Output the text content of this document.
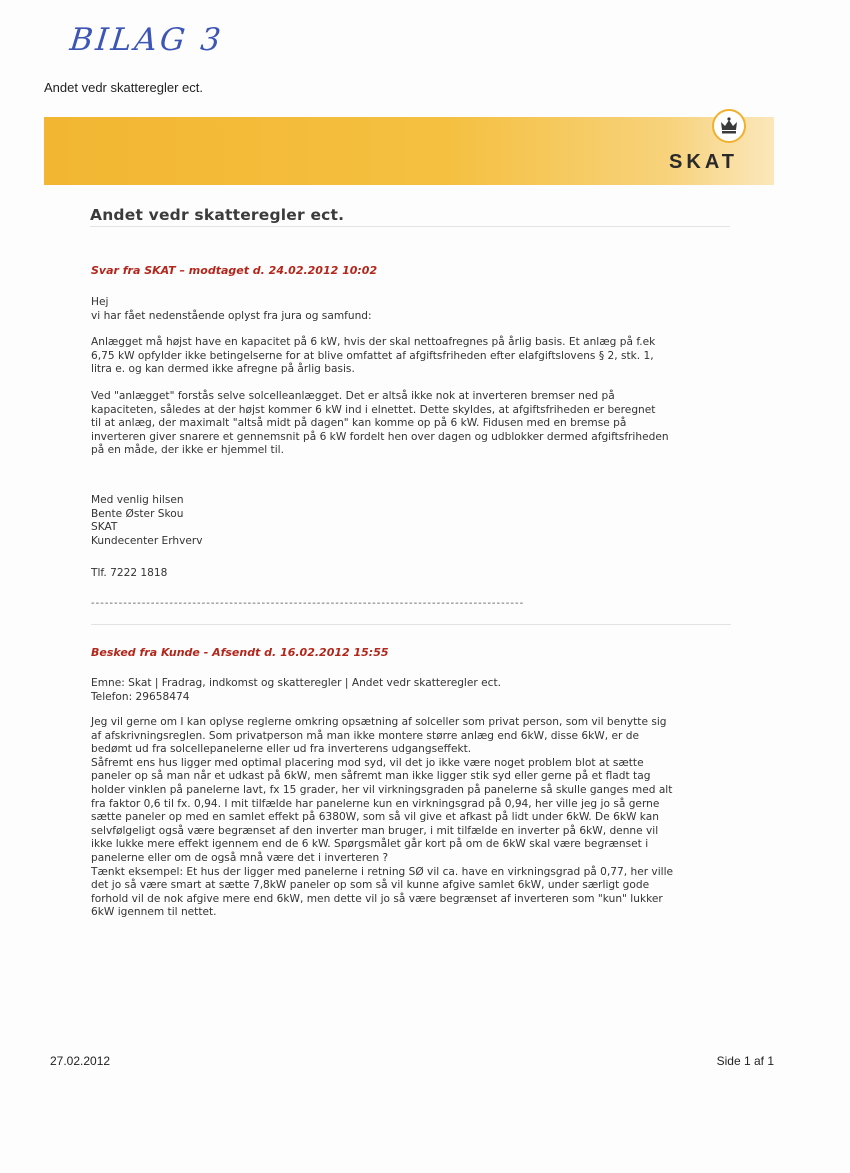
BILAG 3
Andet vedr skatteregler ect.
SKAT
Andet vedr skatteregler ect.
Svar fra SKAT – modtaget d. 24.02.2012 10:02
Hej
vi har fået nedenstående oplyst fra jura og samfund:
Anlægget må højst have en kapacitet på 6 kW, hvis der skal nettoafregnes på årlig basis. Et anlæg på f.ek
6,75 kW opfylder ikke betingelserne for at blive omfattet af afgiftsfriheden efter elafgiftslovens § 2, stk. 1,
litra e. og kan dermed ikke afregne på årlig basis.
Ved "anlægget" forstås selve solcelleanlægget. Det er altså ikke nok at inverteren bremser ned på
kapaciteten, således at der højst kommer 6 kW ind i elnettet. Dette skyldes, at afgiftsfriheden er beregnet
til at anlæg, der maximalt "altså midt på dagen" kan komme op på 6 kW. Fidusen med en bremse på
inverteren giver snarere et gennemsnit på 6 kW fordelt hen over dagen og udblokker dermed afgiftsfriheden
på en måde, der ikke er hjemmel til.
Med venlig hilsen
Bente Øster Skou
SKAT
Kundecenter Erhverv
Tlf. 7222 1818
----------------------------------------------------------------------------------------------
Besked fra Kunde - Afsendt d. 16.02.2012 15:55
Emne: Skat | Fradrag, indkomst og skatteregler | Andet vedr skatteregler ect.
Telefon: 29658474
Jeg vil gerne om I kan oplyse reglerne omkring opsætning af solceller som privat person, som vil benytte sig
af afskrivningsreglen. Som privatperson må man ikke montere større anlæg end 6kW, disse 6kW, er de
bedømt ud fra solcellepanelerne eller ud fra inverterens udgangseffekt.
Såfremt ens hus ligger med optimal placering mod syd, vil det jo ikke være noget problem blot at sætte
paneler op så man når et udkast på 6kW, men såfremt man ikke ligger stik syd eller gerne på et fladt tag
holder vinklen på panelerne lavt, fx 15 grader, her vil virkningsgraden på panelerne så skulle ganges med alt
fra faktor 0,6 til fx. 0,94. I mit tilfælde har panelerne kun en virkningsgrad på 0,94, her ville jeg jo så gerne
sætte paneler op med en samlet effekt på 6380W, som så vil give et afkast på lidt under 6kW. De 6kW kan
selvfølgeligt også være begrænset af den inverter man bruger, i mit tilfælde en inverter på 6kW, denne vil
ikke lukke mere effekt igennem end de 6 kW. Spørgsmålet går kort på om de 6kW skal være begrænset i
panelerne eller om de også mnå være det i inverteren ?
Tænkt eksempel: Et hus der ligger med panelerne i retning SØ vil ca. have en virkningsgrad på 0,77, her ville
det jo så være smart at sætte 7,8kW paneler op som så vil kunne afgive samlet 6kW, under særligt gode
forhold vil de nok afgive mere end 6kW, men dette vil jo så være begrænset af inverteren som "kun" lukker
6kW igennem til nettet.
27.02.2012	Side 1 af 1
